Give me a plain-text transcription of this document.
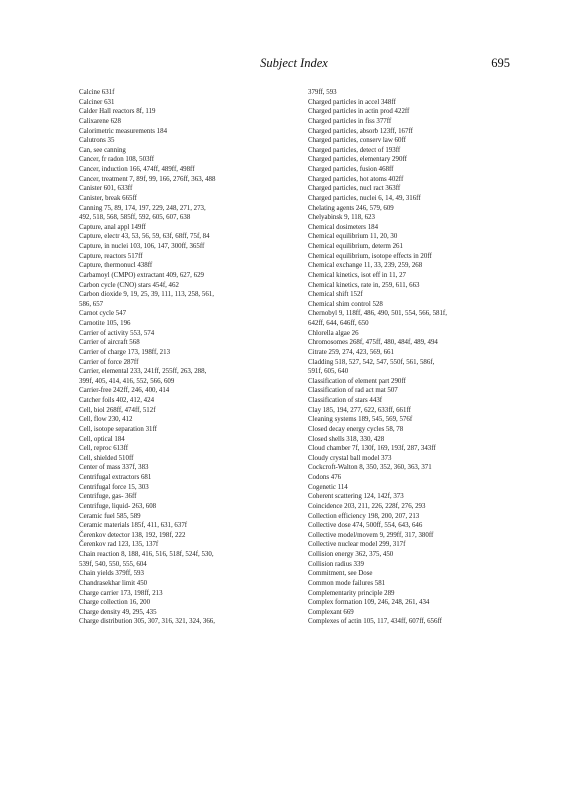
Subject Index	695
Calcine 631f
Calciner 631
Calder Hall reactors 8f, 119
Calixarene 628
Calorimetric measurements 184
Calutrons 35
Can, see canning
Cancer, fr radon 108, 503ff
Cancer, induction 166, 474ff, 489ff, 498ff
Cancer, treatment 7, 89f, 99, 166, 276ff, 363, 488
Canister 601, 633ff
Canister, break 665ff
Canning 75, 89, 174, 197, 229, 248, 271, 273,
492, 518, 568, 585ff, 592, 605, 607, 638
Capture, anal appl 149ff
Capture, electr 43, 53, 56, 59, 63f, 68ff, 75f, 84
Capture, in nuclei 103, 106, 147, 300ff, 365ff
Capture, reactors 517ff
Capture, thermonucl 438ff
Carbamoyl (CMPO) extractant 409, 627, 629
Carbon cycle (CNO) stars 454f, 462
Carbon dioxide 9, 19, 25, 39, 111, 113, 258, 561,
586, 657
Carnot cycle 547
Carnotite 105, 196
Carrier of activity 553, 574
Carrier of aircraft 568
Carrier of charge 173, 198ff, 213
Carrier of force 287ff
Carrier, elemental 233, 241ff, 255ff, 263, 288,
399f, 405, 414, 416, 552, 566, 609
Carrier-free 242ff, 246, 400, 414
Catcher foils 402, 412, 424
Cell, biol 268ff, 474ff, 512f
Cell, flow 230, 412
Cell, isotope separation 31ff
Cell, optical 184
Cell, reproc 613ff
Cell, shielded 510ff
Center of mass 337f, 383
Centrifugal extractors 681
Centrifugal force 15, 303
Centrifuge, gas- 36ff
Centrifuge, liquid- 263, 608
Ceramic fuel 585, 589
Ceramic materials 185f, 411, 631, 637f
Čerenkov detector 138, 192, 198f, 222
Čerenkov rad 123, 135, 137f
Chain reaction 8, 188, 416, 516, 518f, 524f, 530,
539f, 540, 550, 555, 604
Chain yields 379ff, 593
Chandrasekhar limit 450
Charge carrier 173, 198ff, 213
Charge collection 16, 200
Charge density 49, 295, 435
Charge distribution 305, 307, 316, 321, 324, 366,
379ff, 593
Charged particles in accel 348ff
Charged particles in actin prod 422ff
Charged particles in fiss 377ff
Charged particles, absorb 123ff, 167ff
Charged particles, conserv law 60ff
Charged particles, detect of 193ff
Charged particles, elementary 290ff
Charged particles, fusion 468ff
Charged particles, hot atoms 402ff
Charged particles, nucl ract 363ff
Charged particles, nuclei 6, 14, 49, 316ff
Chelating agents 246, 579, 609
Chelyabinsk 9, 118, 623
Chemical dosimeters 184
Chemical equilibrium 11, 20, 30
Chemical equilibrium, determ 261
Chemical equilibrium, isotope effects in 20ff
Chemical exchange 11, 33, 239, 259, 268
Chemical kinetics, isot eff in 11, 27
Chemical kinetics, rate in, 259, 611, 663
Chemical shift 152f
Chemical shim control 528
Chernobyl 9, 118ff, 486, 490, 501, 554, 566, 581f,
642ff, 644, 646ff, 650
Chlorella algae 26
Chromosomes 268f, 475ff, 480, 484f, 489, 494
Citrate 259, 274, 423, 569, 661
Cladding 518, 527, 542, 547, 550f, 561, 586f,
591f, 605, 640
Classification of element part 290ff
Classification of rad act mat 507
Classification of stars 443f
Clay 185, 194, 277, 622, 633ff, 661ff
Cleaning systems 189, 545, 569, 576f
Closed decay energy cycles 58, 78
Closed shells 318, 330, 428
Cloud chamber 7f, 130f, 169, 193f, 287, 343ff
Cloudy crystal ball model 373
Cockcroft-Walton 8, 350, 352, 360, 363, 371
Codons 476
Cogenetic 114
Coherent scattering 124, 142f, 373
Coincidence 203, 211, 226, 228f, 276, 293
Collection efficiency 198, 200, 207, 213
Collective dose 474, 500ff, 554, 643, 646
Collective model/movem 9, 299ff, 317, 380ff
Collective nuclear model 299, 317f
Collision energy 362, 375, 450
Collision radius 339
Commitment, see Dose
Common mode failures 581
Complementarity principle 289
Complex formation 109, 246, 248, 261, 434
Complexant 669
Complexes of actin 105, 117, 434ff, 607ff, 656ff
